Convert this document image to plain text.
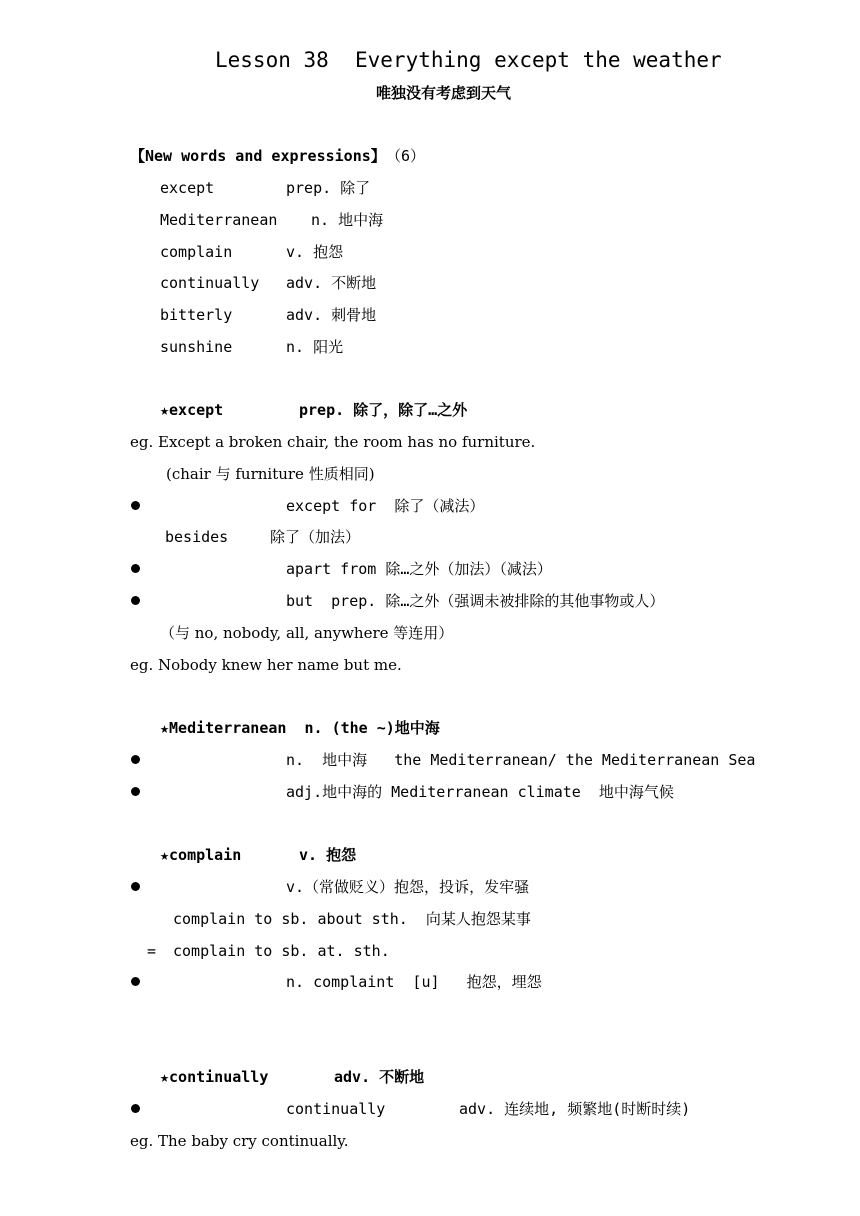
Lesson 38 Everything except the weather
唯独没有考虑到天气
【New words and expressions】 （6）
except	prep. 除了
Mediterranean n. 地中海
complain	v. 抱怨
continually adv. 不断地
bitterly	adv. 刺骨地
sunshine	n. 阳光
★except	prep. 除了，除了…之外
eg. Except a broken chair, the room has no furniture.
(chair 与 furniture 性质相同)
except for  除了（减法）
besides	除了（加法）
apart from 除…之外（加法）（减法）
but  prep. 除…之外（强调未被排除的其他事物或人）
（与 no, nobody, all, anywhere 等连用）
eg. Nobody knew her name but me.
★Mediterranean  n. (the ~)地中海
n.  地中海   the Mediterranean/ the Mediterranean Sea
adj.地中海的 Mediterranean climate  地中海气候
★complain	v. 抱怨
v.（常做贬义）抱怨，投诉，发牢骚
complain to sb. about sth.  向某人抱怨某事
= complain to sb. at. sth.
n. complaint  [u]   抱怨，埋怨
★continually	adv. 不断地
continually	adv. 连续地, 频繁地(时断时续)
eg. The baby cry continually.
